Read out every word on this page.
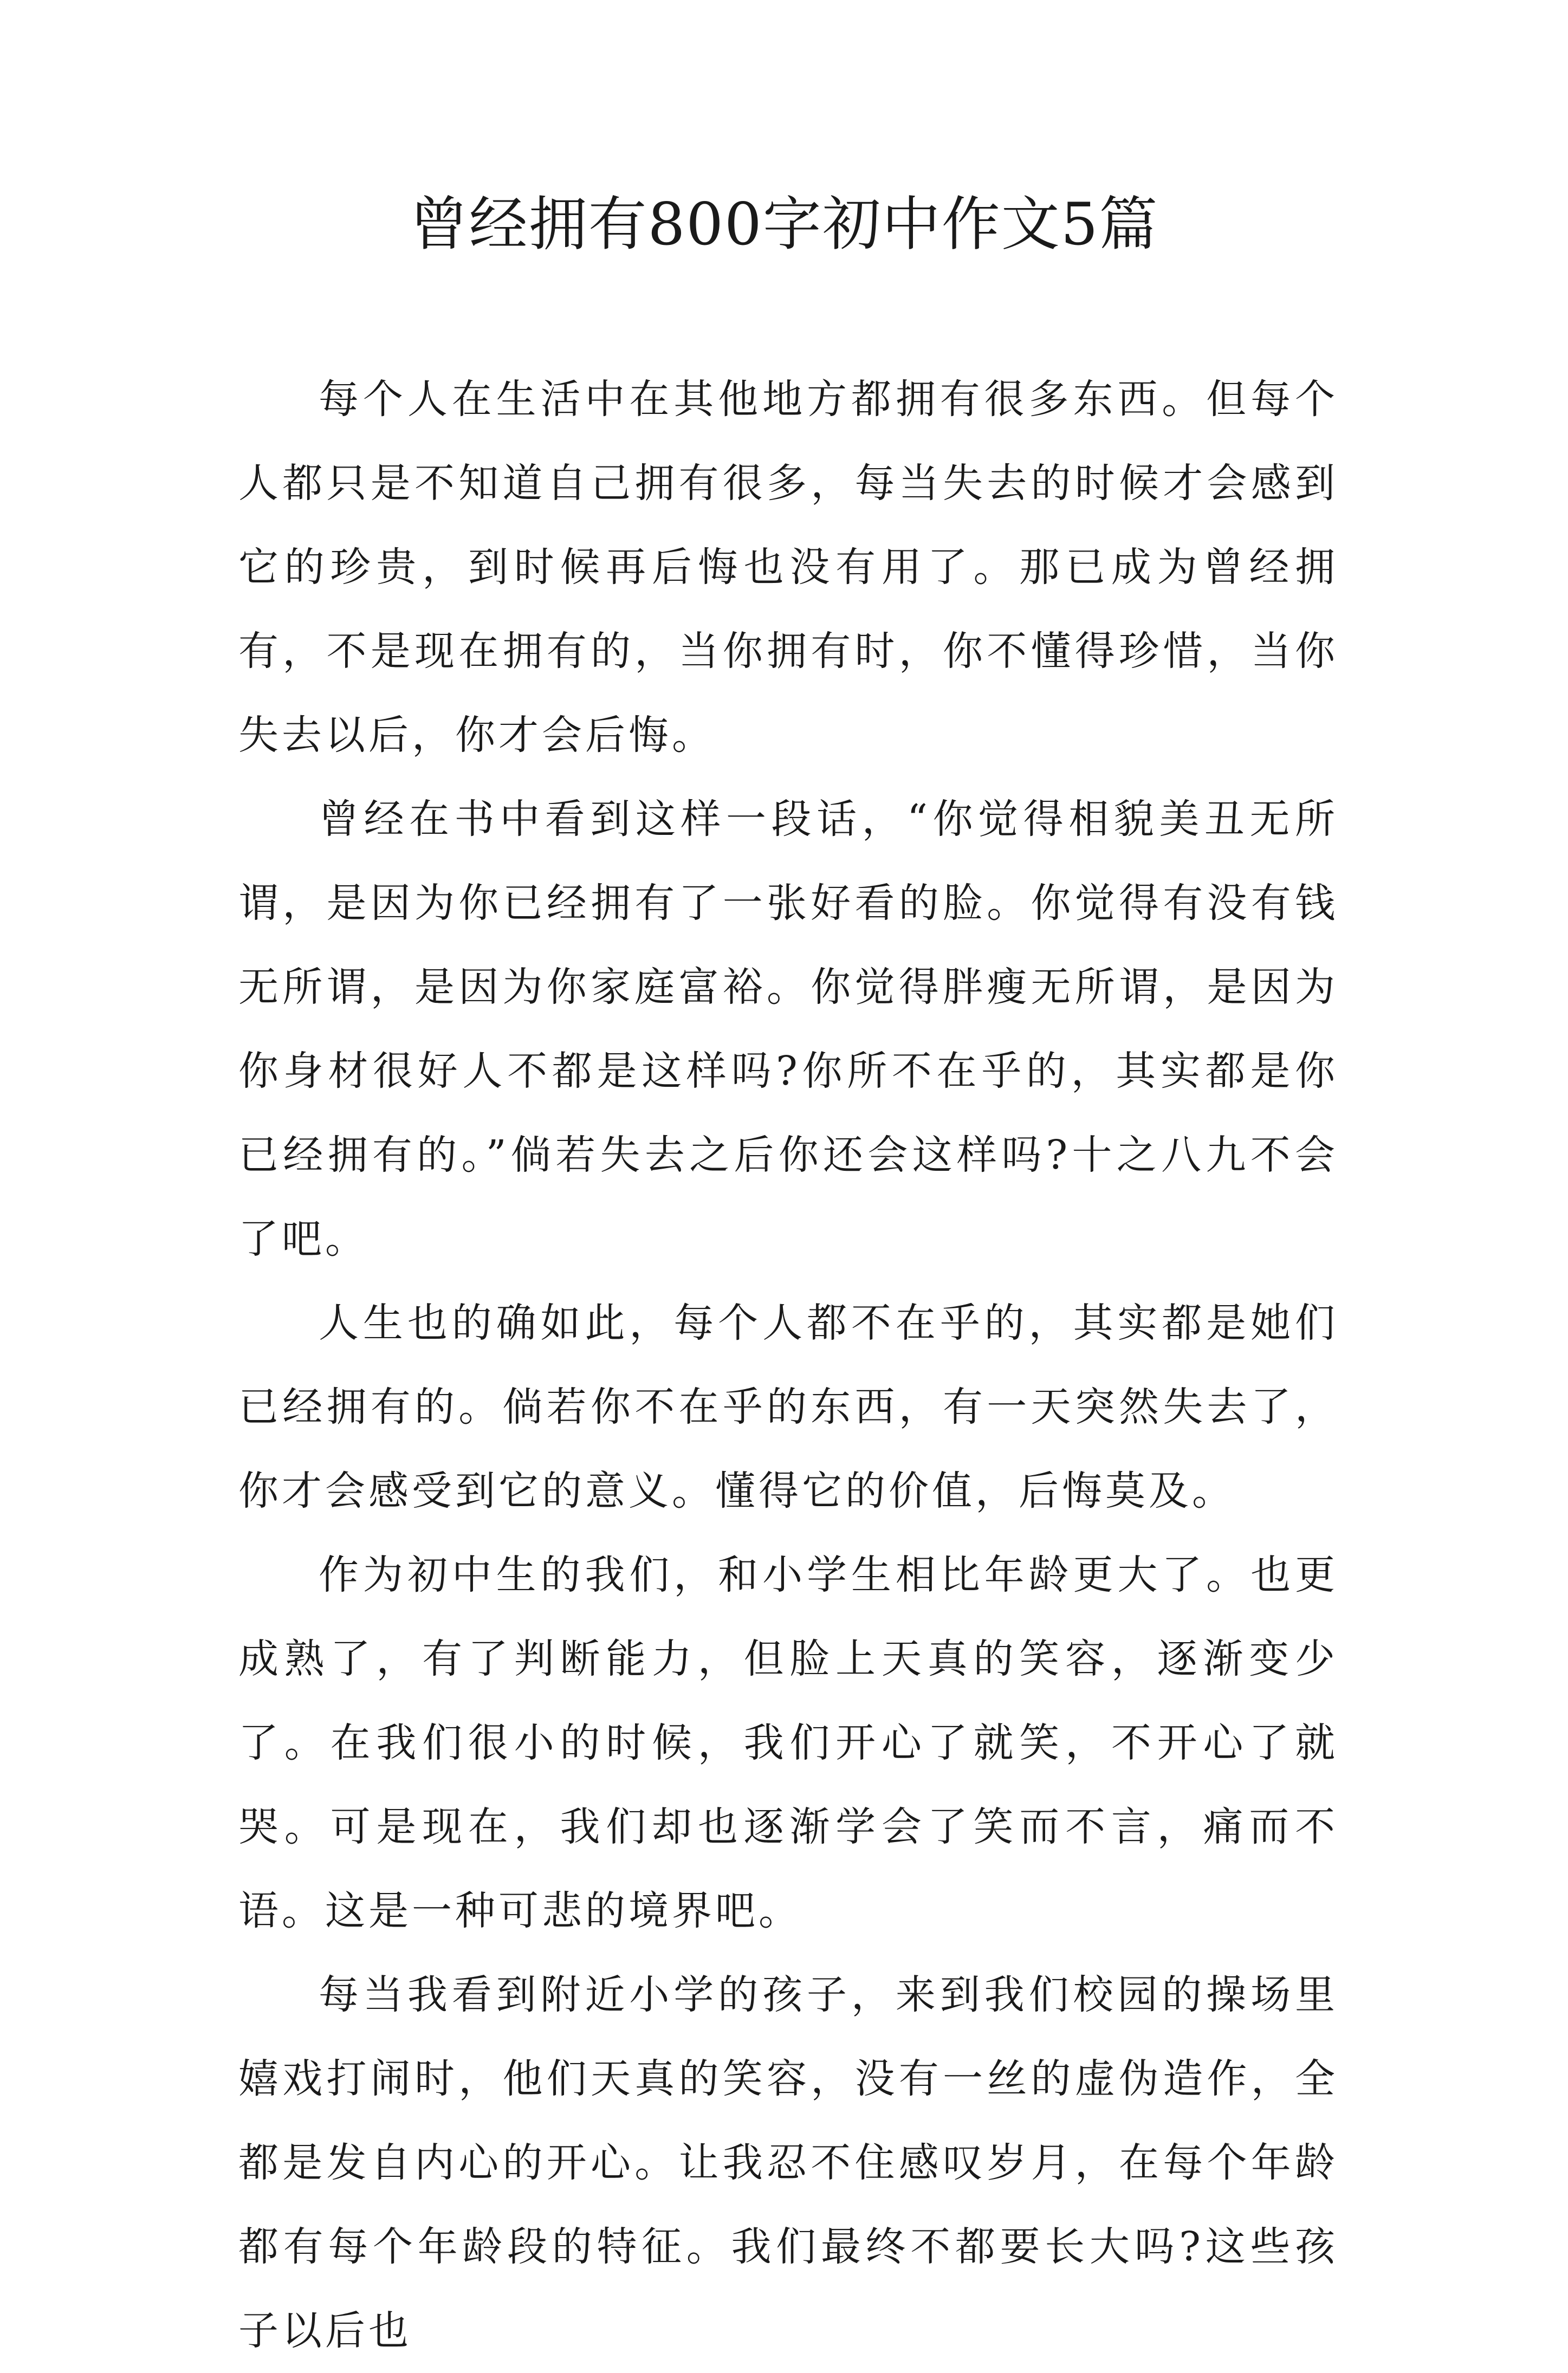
曾经拥有800字初中作文5篇

每个人在生活中在其他地方都拥有很多东西。但每个人都只是不知道自己拥有很多，每当失去的时候才会感到它的珍贵，到时候再后悔也没有用了。那已成为曾经拥有，不是现在拥有的，当你拥有时，你不懂得珍惜，当你失去以后，你才会后悔。

曾经在书中看到这样一段话，“你觉得相貌美丑无所谓，是因为你已经拥有了一张好看的脸。你觉得有没有钱无所谓，是因为你家庭富裕。你觉得胖瘦无所谓，是因为你身材很好人不都是这样吗?你所不在乎的，其实都是你已经拥有的。”倘若失去之后你还会这样吗?十之八九不会了吧。

人生也的确如此，每个人都不在乎的，其实都是她们已经拥有的。倘若你不在乎的东西，有一天突然失去了，你才会感受到它的意义。懂得它的价值，后悔莫及。

作为初中生的我们，和小学生相比年龄更大了。也更成熟了，有了判断能力，但脸上天真的笑容，逐渐变少了。在我们很小的时候，我们开心了就笑，不开心了就哭。可是现在，我们却也逐渐学会了笑而不言，痛而不语。这是一种可悲的境界吧。

每当我看到附近小学的孩子，来到我们校园的操场里嬉戏打闹时，他们天真的笑容，没有一丝的虚伪造作，全都是发自内心的开心。让我忍不住感叹岁月，在每个年龄都有每个年龄段的特征。我们最终不都要长大吗?这些孩子以后也
